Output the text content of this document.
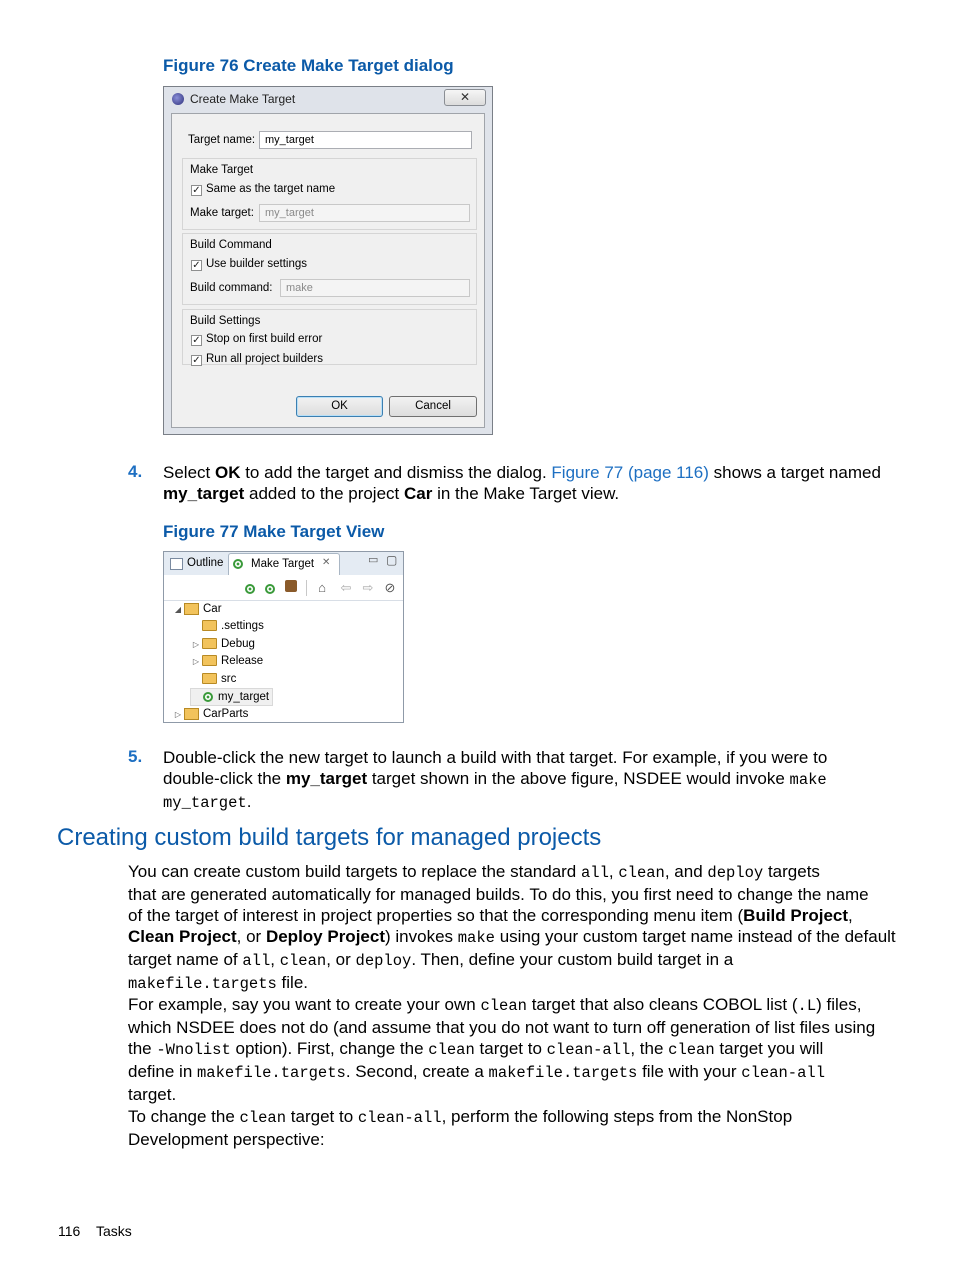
Figure 76 Create Make Target dialog
Create Make Target	✕
Target name: my_target
Make Target
✓ Same as the target name
Make target:	my_target
Build Command
✓ Use builder settings
Build command:	make
Build Settings
✓ Stop on first build error
✓ Run all project builders
OK	Cancel
4. Select OK to add the target and dismiss the dialog. Figure 77 (page 116) shows a target named
my_target added to the project Car in the Make Target view.
Figure 77 Make Target View
Outline Make Target ✕	▭ ▢
⌂	⇦ ⇨ ⊘
◢ Car
.settings
▷ Debug
▷ Release
src
my_target
▷ CarParts
5. Double-click the new target to launch a build with that target. For example, if you were to
double-click the my_target target shown in the above figure, NSDEE would invoke make
my_target.
Creating custom build targets for managed projects
You can create custom build targets to replace the standard all, clean, and deploy targets
that are generated automatically for managed builds. To do this, you first need to change the name
of the target of interest in project properties so that the corresponding menu item (Build Project,
Clean Project, or Deploy Project) invokes make using your custom target name instead of the default
target name of all, clean, or deploy. Then, define your custom build target in a
makefile.targets file.
For example, say you want to create your own clean target that also cleans COBOL list (.L) files,
which NSDEE does not do (and assume that you do not want to turn off generation of list files using
the -Wnolist option). First, change the clean target to clean-all, the clean target you will
define in makefile.targets. Second, create a makefile.targets file with your clean-all
target.
To change the clean target to clean-all, perform the following steps from the NonStop
Development perspective:
116 Tasks
